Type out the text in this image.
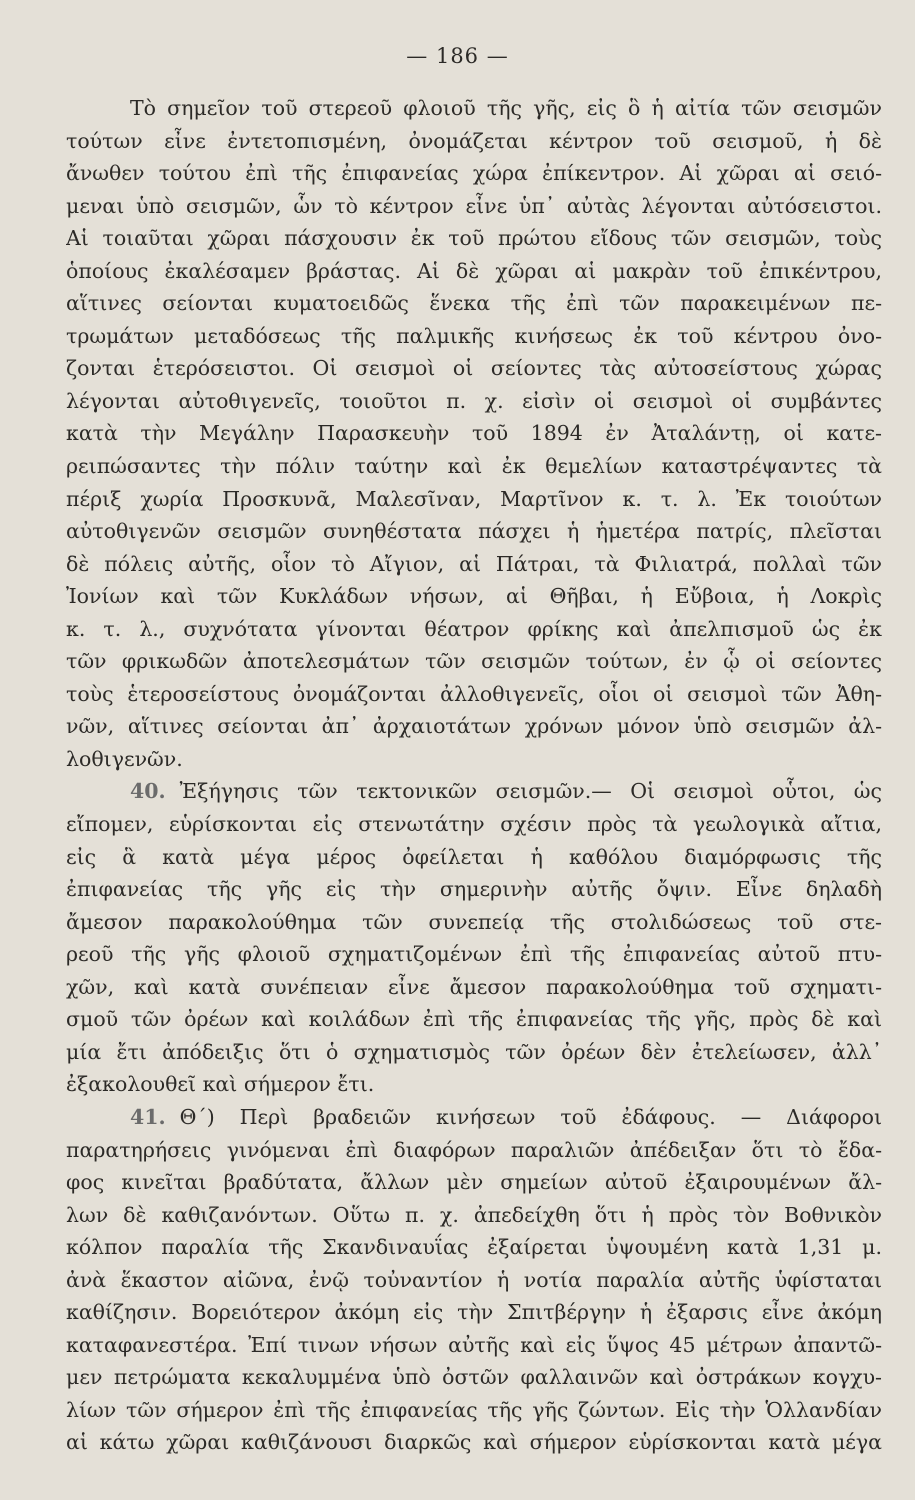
— 186 —
Τὸ σημεῖον τοῦ στερεοῦ φλοιοῦ τῆς γῆς, εἰς ὃ ἡ αἰτία τῶν σεισμῶν
τούτων εἶνε ἐντετοπισμένη, ὀνομάζεται κέντρον τοῦ σεισμοῦ, ἡ δὲ
ἄνωθεν τούτου ἐπὶ τῆς ἐπιφανείας χώρα ἐπίκεντρον. Αἱ χῶραι αἱ σειό-
μεναι ὑπὸ σεισμῶν, ὧν τὸ κέντρον εἶνε ὑπ᾽ αὐτὰς λέγονται αὐτόσειστοι.
Αἱ τοιαῦται χῶραι πάσχουσιν ἐκ τοῦ πρώτου εἴδους τῶν σεισμῶν, τοὺς
ὁποίους ἐκαλέσαμεν βράστας. Αἱ δὲ χῶραι αἱ μακρὰν τοῦ ἐπικέντρου,
αἵτινες σείονται κυματοειδῶς ἕνεκα τῆς ἐπὶ τῶν παρακειμένων πε-
τρωμάτων μεταδόσεως τῆς παλμικῆς κινήσεως ἐκ τοῦ κέντρου ὀνο-
ζονται ἑτερόσειστοι. Οἱ σεισμοὶ οἱ σείοντες τὰς αὐτοσείστους χώρας
λέγονται αὐτοθιγενεῖς, τοιοῦτοι π. χ. εἰσὶν οἱ σεισμοὶ οἱ συμβάντες
κατὰ τὴν Μεγάλην Παρασκευὴν τοῦ 1894 ἐν Ἀταλάντῃ, οἱ κατε-
ρειπώσαντες τὴν πόλιν ταύτην καὶ ἐκ θεμελίων καταστρέψαντες τὰ
πέριξ χωρία Προσκυνᾶ, Μαλεσῖναν, Μαρτῖνον κ. τ. λ. Ἐκ τοιούτων
αὐτοθιγενῶν σεισμῶν συνηθέστατα πάσχει ἡ ἡμετέρα πατρίς, πλεῖσται
δὲ πόλεις αὐτῆς, οἷον τὸ Αἴγιον, αἱ Πάτραι, τὰ Φιλιατρά, πολλαὶ τῶν
Ἰονίων καὶ τῶν Κυκλάδων νήσων, αἱ Θῆβαι, ἡ Εὔβοια, ἡ Λοκρὶς
κ. τ. λ., συχνότατα γίνονται θέατρον φρίκης καὶ ἀπελπισμοῦ ὡς ἐκ
τῶν φρικωδῶν ἀποτελεσμάτων τῶν σεισμῶν τούτων, ἐν ᾧ οἱ σείοντες
τοὺς ἑτεροσείστους ὀνομάζονται ἀλλοθιγενεῖς, οἷοι οἱ σεισμοὶ τῶν Ἀθη-
νῶν, αἵτινες σείονται ἀπ᾽ ἀρχαιοτάτων χρόνων μόνον ὑπὸ σεισμῶν ἀλ-
λοθιγενῶν.
40. Ἐξήγησις τῶν τεκτονικῶν σεισμῶν.— Οἱ σεισμοὶ οὗτοι, ὡς
εἴπομεν, εὑρίσκονται εἰς στενωτάτην σχέσιν πρὸς τὰ γεωλογικὰ αἴτια,
εἰς ἃ κατὰ μέγα μέρος ὀφείλεται ἡ καθόλου διαμόρφωσις τῆς
ἐπιφανείας τῆς γῆς εἰς τὴν σημερινὴν αὐτῆς ὄψιν. Εἶνε δηλαδὴ
ἄμεσον παρακολούθημα τῶν συνεπείᾳ τῆς στολιδώσεως τοῦ στε-
ρεοῦ τῆς γῆς φλοιοῦ σχηματιζομένων ἐπὶ τῆς ἐπιφανείας αὐτοῦ πτυ-
χῶν, καὶ κατὰ συνέπειαν εἶνε ἄμεσον παρακολούθημα τοῦ σχηματι-
σμοῦ τῶν ὀρέων καὶ κοιλάδων ἐπὶ τῆς ἐπιφανείας τῆς γῆς, πρὸς δὲ καὶ
μία ἔτι ἀπόδειξις ὅτι ὁ σχηματισμὸς τῶν ὀρέων δὲν ἐτελείωσεν, ἀλλ᾽
ἐξακολουθεῖ καὶ σήμερον ἔτι.
41. Θ΄) Περὶ βραδειῶν κινήσεων τοῦ ἐδάφους. — Διάφοροι
παρατηρήσεις γινόμεναι ἐπὶ διαφόρων παραλιῶν ἀπέδειξαν ὅτι τὸ ἔδα-
φος κινεῖται βραδύτατα, ἄλλων μὲν σημείων αὐτοῦ ἐξαιρουμένων ἄλ-
λων δὲ καθιζανόντων. Οὕτω π. χ. ἀπεδείχθη ὅτι ἡ πρὸς τὸν Βοθνικὸν
κόλπον παραλία τῆς Σκανδιναυΐας ἐξαίρεται ὑψουμένη κατὰ 1,31 μ.
ἀνὰ ἕκαστον αἰῶνα, ἐνῷ τοὐναντίον ἡ νοτία παραλία αὐτῆς ὑφίσταται
καθίζησιν. Βορειότερον ἀκόμη εἰς τὴν Σπιτβέργην ἡ ἐξαρσις εἶνε ἀκόμη
καταφανεστέρα. Ἐπί τινων νήσων αὐτῆς καὶ εἰς ὕψος 45 μέτρων ἀπαντῶ-
μεν πετρώματα κεκαλυμμένα ὑπὸ ὀστῶν φαλλαινῶν καὶ ὀστράκων κογχυ-
λίων τῶν σήμερον ἐπὶ τῆς ἐπιφανείας τῆς γῆς ζώντων. Εἰς τὴν Ὁλλανδίαν
αἱ κάτω χῶραι καθιζάνουσι διαρκῶς καὶ σήμερον εὑρίσκονται κατὰ μέγα
